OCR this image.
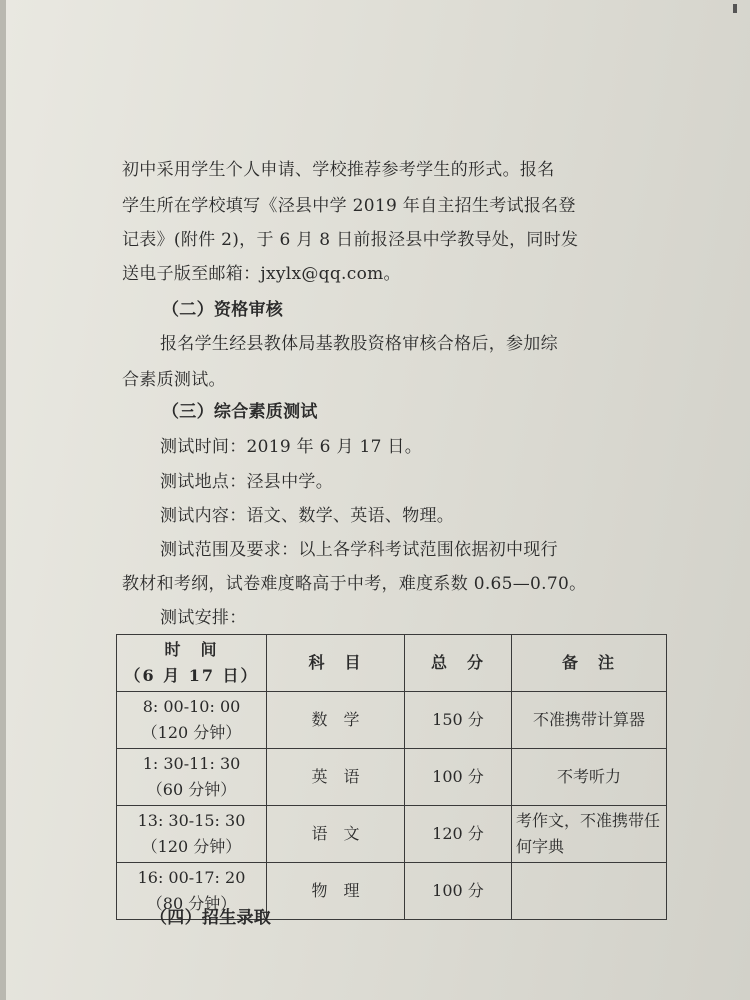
初中采用学生个人申请、学校推荐参考学生的形式。报名
学生所在学校填写《泾县中学 2019 年自主招生考试报名登
记表》(附件 2)，于 6 月 8 日前报泾县中学教导处，同时发
送电子版至邮箱：jxylx@qq.com。
（二）资格审核
报名学生经县教体局基教股资格审核合格后，参加综
合素质测试。
（三）综合素质测试
测试时间：2019 年 6 月 17 日。
测试地点：泾县中学。
测试内容：语文、数学、英语、物理。
测试范围及要求：以上各学科考试范围依据初中现行
教材和考纲，试卷难度略高于中考，难度系数 0.65—0.70。
测试安排：
时　间
（6 月 17 日）	科　目	总　分	备　注

8: 00-10: 00
（120 分钟）	数　学	150 分	不准携带计算器

1: 30-11: 30
（60 分钟）	英　语	100 分	不考听力

13: 30-15: 30
（120 分钟）	语　文	120 分	考作文，不准携带任何字典

16: 00-17: 20
（80 分钟）	物　理	100 分	
（四）招生录取
